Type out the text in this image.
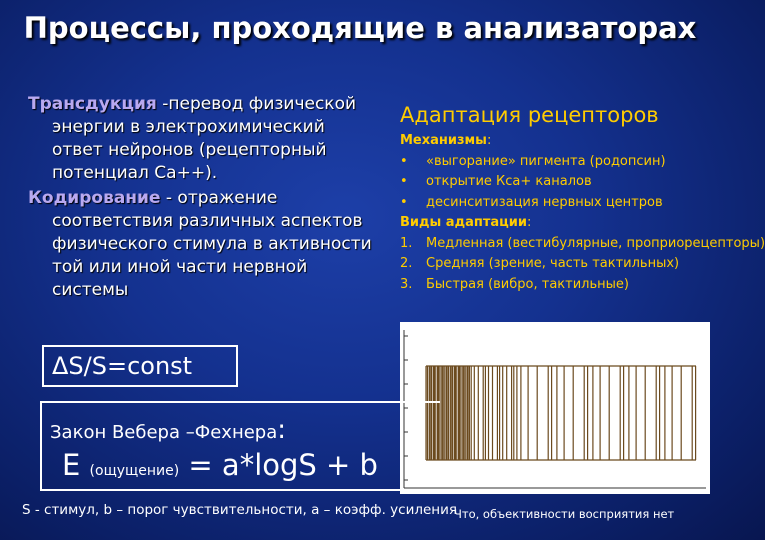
Процессы, проходящие в анализаторах
Трансдукция -перевод физической энергии в электрохимический ответ нейронов (рецепторный потенциал Са++).
Кодирование - отражение соответствия различных аспектов физического стимула в активности той или иной части нервной системы
Адаптация рецепторов
Механизмы:
• «выгорание» пигмента (родопсин)
• открытие Кса+ каналов
• десинситизация нервных центров
Виды адаптации:
1. Медленная (вестибулярные, проприорецепторы)
2. Средняя (зрение, часть тактильных)
3. Быстрая (вибро, тактильные)
ΔS/S=const
Закон Вебера –Фехнера:
E (ощущение) = a*logS + b
S - стимул, b – порог чувствительности, a – коэфф. усиления
Что, объективности восприятия нет
